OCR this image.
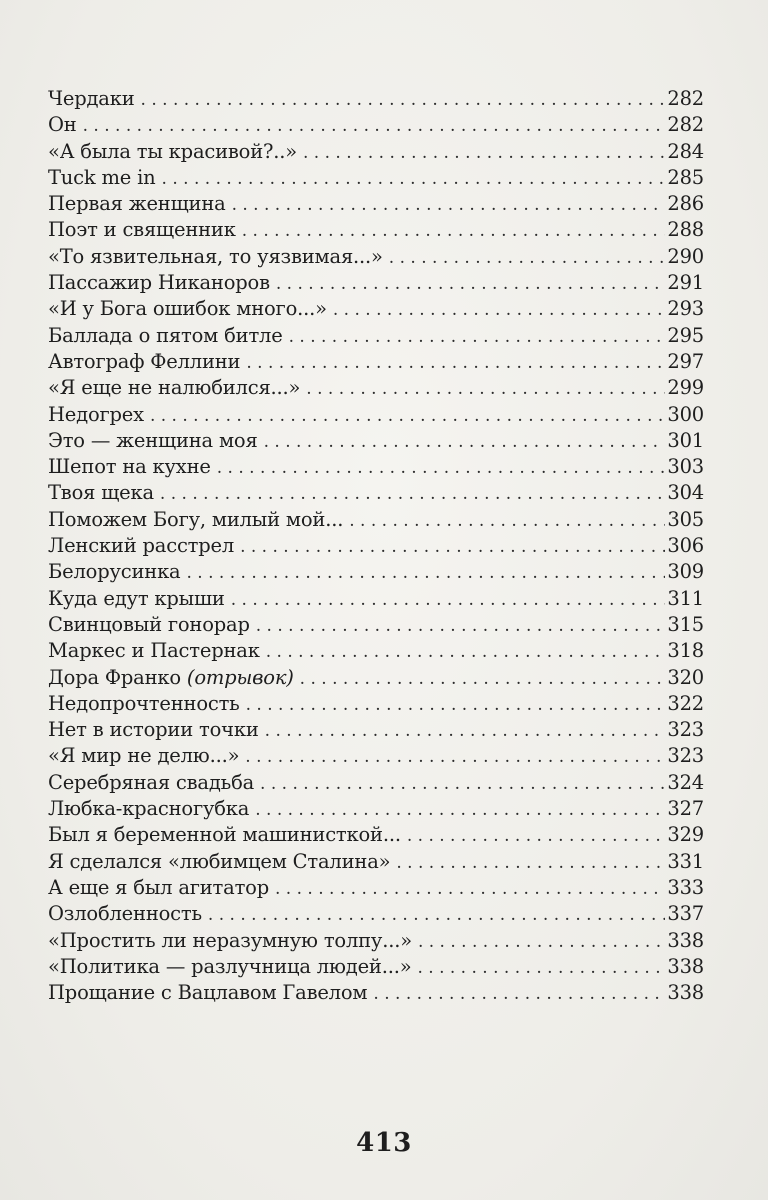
Чердаки . . .	282
Он . . .	282
«А была ты красивой?..» . . .	284
Tuck me in . . .	285
Первая женщина . . .	286
Поэт и священник . . .	288
«То язвительная, то уязвимая...» . . .	290
Пассажир Никаноров . . .	291
«И у Бога ошибок много...» . . .	293
Баллада о пятом битле . . .	295
Автограф Феллини . . .	297
«Я еще не налюбился...» . . .	299
Недогрех . . .	300
Это — женщина моя . . .	301
Шепот на кухне . . .	303
Твоя щека . . .	304
Поможем Богу, милый мой... . . .	305
Ленский расстрел . . .	306
Белорусинка . . .	309
Куда едут крыши . . .	311
Свинцовый гонорар . . .	315
Маркес и Пастернак . . .	318
Дора Франко (отрывок) . . .	320
Недопрочтенность . . .	322
Нет в истории точки . . .	323
«Я мир не делю...» . . .	323
Серебряная свадьба . . .	324
Любка-красногубка . . .	327
Был я беременной машинисткой... . . .	329
Я сделался «любимцем Сталина» . . .	331
А еще я был агитатор . . .	333
Озлобленность . . .	337
«Простить ли неразумную толпу...» . . .	338
«Политика — разлучница людей...» . . .	338
Прощание с Вацлавом Гавелом . . .	338
413
